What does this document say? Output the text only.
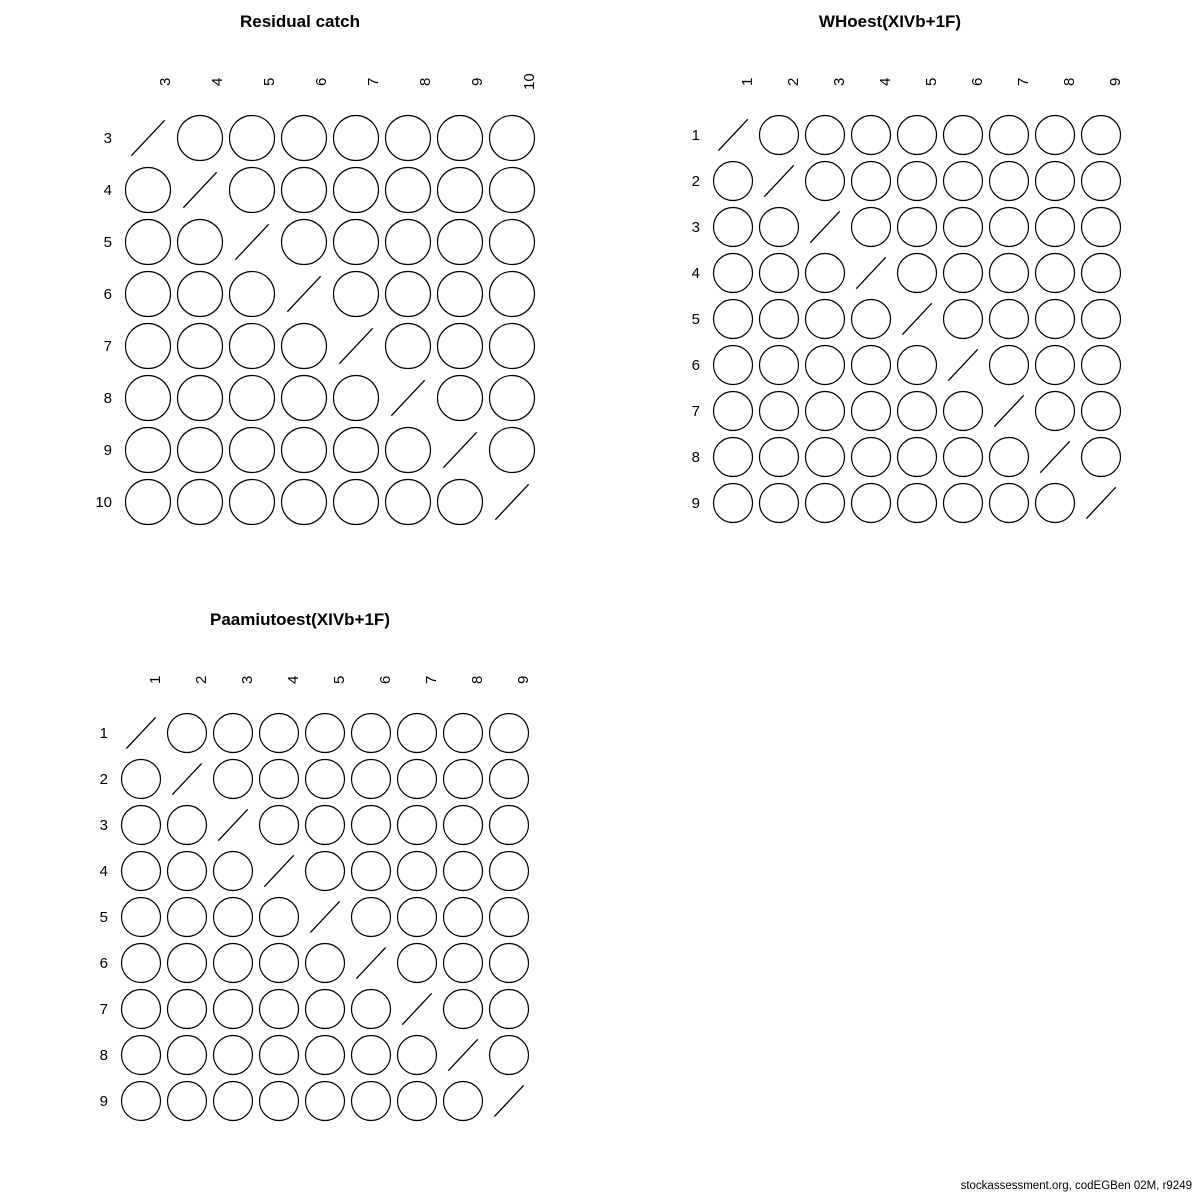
Residual catch
3	4	5	6	7	8	9	10
3
4
5
6
7
8
9
10
WHoest(XIVb+1F)
1	2	3	4	5	6	7	8	9
1
2
3
4
5
6
7
8
9
Paamiutoest(XIVb+1F)
1	2	3	4	5	6	7	8	9
1
2
3
4
5
6
7
8
9
stockassessment.org, codEGBen 02M, r9249
